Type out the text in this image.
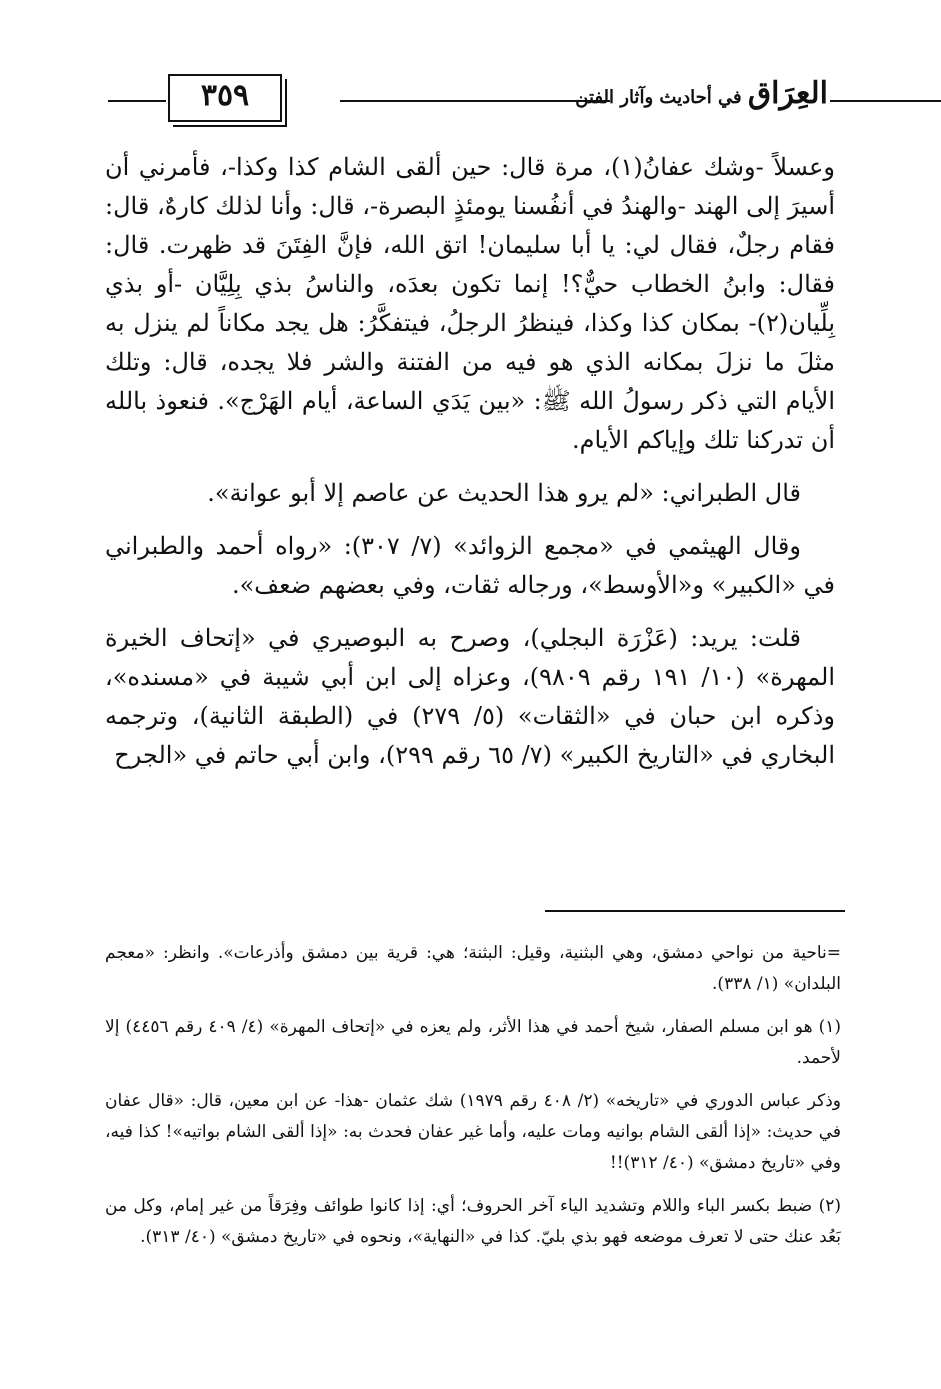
٣٥٩	العِرَاق في أحاديث وآثار الفتن

وعسلاً -وشك عفانُ(١)، مرة قال: حين ألقى الشام كذا وكذا-، فأمرني أن أسيرَ إلى الهند -والهندُ في أنفُسنا يومئذٍ البصرة-، قال: وأنا لذلك كارهٌ، قال: فقام رجلٌ، فقال لي: يا أبا سليمان! اتق الله، فإنَّ الفِتَنَ قد ظهرت. قال: فقال: وابنُ الخطاب حيٌّ؟! إنما تكون بعدَه، والناسُ بذي بِلِيَّان -أو بذي بِلِّيان(٢)- بمكان كذا وكذا، فينظرُ الرجلُ، فيتفكَّرُ: هل يجد مكاناً لم ينزل به مثلَ ما نزلَ بمكانه الذي هو فيه من الفتنة والشر فلا يجده، قال: وتلك الأيام التي ذكر رسولُ الله ﷺ: «بين يَدَي الساعة، أيام الهَرْج». فنعوذ بالله أن تدركنا تلك وإياكم الأيام.

قال الطبراني: «لم يرو هذا الحديث عن عاصم إلا أبو عوانة».

وقال الهيثمي في «مجمع الزوائد» (٧/ ٣٠٧): «رواه أحمد والطبراني في «الكبير» و«الأوسط»، ورجاله ثقات، وفي بعضهم ضعف».

قلت: يريد: (عَزْرَة البجلي)، وصرح به البوصيري في «إتحاف الخيرة المهرة» (١٠/ ١٩١ رقم ٩٨٠٩)، وعزاه إلى ابن أبي شيبة في «مسنده»، وذكره ابن حبان في «الثقات» (٥/ ٢٧٩) في (الطبقة الثانية)، وترجمه البخاري في «التاريخ الكبير» (٧/ ٦٥ رقم ٢٩٩)، وابن أبي حاتم في «الجرح

=ناحية من نواحي دمشق، وهي البثنية، وقيل: البثنة؛ هي: قرية بين دمشق وأذرعات». وانظر: «معجم البلدان» (١/ ٣٣٨).

(١) هو ابن مسلم الصفار، شيخ أحمد في هذا الأثر، ولم يعزه في «إتحاف المهرة» (٤/ ٤٠٩ رقم ٤٤٥٦) إلا لأحمد.

وذكر عباس الدوري في «تاريخه» (٢/ ٤٠٨ رقم ١٩٧٩) شك عثمان -هذا- عن ابن معين، قال: «قال عفان في حديث: «إذا ألقى الشام بوانيه ومات عليه، وأما غير عفان فحدث به: «إذا ألقى الشام بواتيه»! كذا فيه، وفي «تاريخ دمشق» (٤٠/ ٣١٢)!!

(٢) ضبط بكسر الباء واللام وتشديد الياء آخر الحروف؛ أي: إذا كانوا طوائف وفِرَقاً من غير إمام، وكل من بَعُد عنك حتى لا تعرف موضعه فهو بذي بليّ. كذا في «النهاية»، ونحوه في «تاريخ دمشق» (٤٠/ ٣١٣).
